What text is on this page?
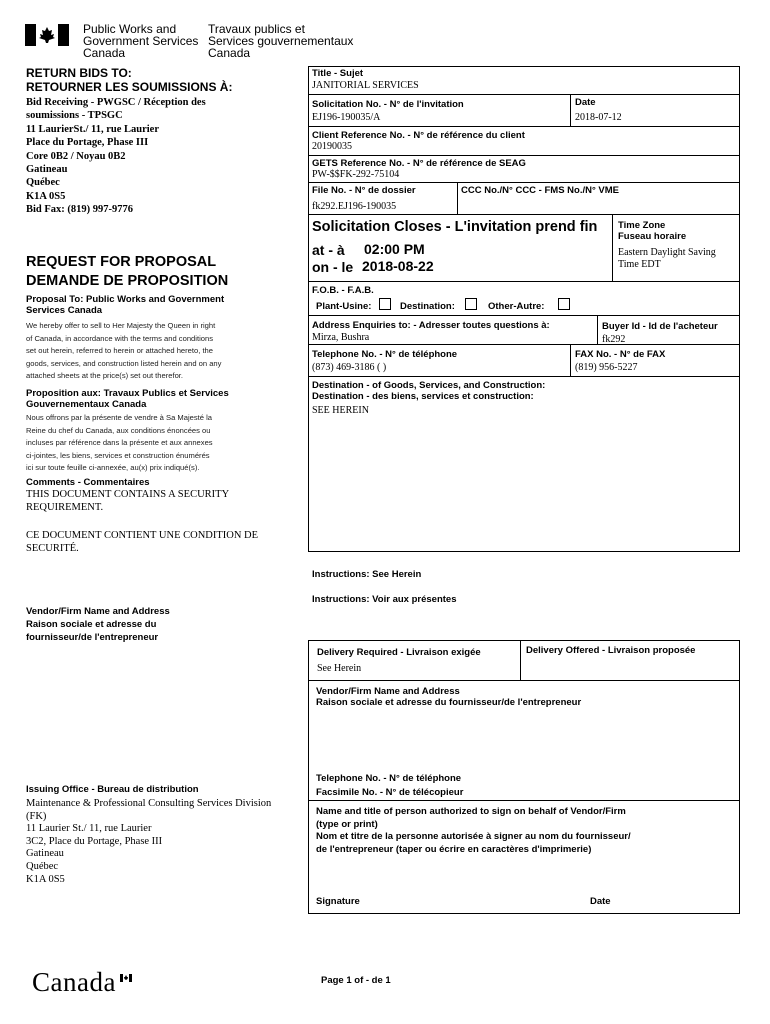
Public Works and
Government Services
Canada
Travaux publics et
Services gouvernementaux
Canada
RETURN BIDS TO:
RETOURNER LES SOUMISSIONS À:
Bid Receiving - PWGSC / Réception des
soumissions - TPSGC
11 LaurierSt./ 11, rue Laurier
Place du Portage, Phase III
Core 0B2 / Noyau 0B2
Gatineau
Québec
K1A 0S5
Bid Fax: (819) 997-9776
REQUEST FOR PROPOSAL
DEMANDE DE PROPOSITION
Proposal To: Public Works and Government
Services Canada
We hereby offer to sell to Her Majesty the Queen in right
of Canada, in accordance with the terms and conditions
set out herein, referred to herein or attached hereto, the
goods, services, and construction listed herein and on any
attached sheets at the price(s) set out therefor.
Proposition aux: Travaux Publics et Services
Gouvernementaux Canada
Nous offrons par la présente de vendre à Sa Majesté la
Reine du chef du Canada, aux conditions énoncées ou
incluses par référence dans la présente et aux annexes
ci-jointes, les biens, services et construction énumérés
ici sur toute feuille ci-annexée, au(x) prix indiqué(s).
Comments - Commentaires
THIS DOCUMENT CONTAINS A SECURITY
REQUIREMENT.
CE DOCUMENT CONTIENT UNE CONDITION DE
SECURITÉ.
Vendor/Firm Name and Address
Raison sociale et adresse du
fournisseur/de l'entrepreneur
Issuing Office - Bureau de distribution
Maintenance & Professional Consulting Services Division
(FK)
11 Laurier St./ 11, rue Laurier
3C2, Place du Portage, Phase III
Gatineau
Québec
K1A 0S5
Title - Sujet
JANITORIAL SERVICES
Solicitation No. - N° de l'invitation
EJ196-190035/A
Date
2018-07-12
Client Reference No. - N° de référence du client
20190035
GETS Reference No. - N° de référence de SEAG
PW-$$FK-292-75104
File No. - N° de dossier
fk292.EJ196-190035
CCC No./N° CCC - FMS No./N° VME
Solicitation Closes - L'invitation prend fin
at - à 02:00 PM
on - le 2018-08-22
Time Zone
Fuseau horaire
Eastern Daylight Saving
Time EDT
F.O.B. - F.A.B.
Plant-Usine:	Destination:	Other-Autre:
Address Enquiries to: - Adresser toutes questions à:
Mirza, Bushra
Buyer Id - Id de l'acheteur
fk292
Telephone No. - N° de téléphone
(873) 469-3186 ( )
FAX No. - N° de FAX
(819) 956-5227
Destination - of Goods, Services, and Construction:
Destination - des biens, services et construction:
SEE HEREIN
Instructions: See Herein
Instructions: Voir aux présentes
Delivery Required - Livraison exigée
See Herein
Delivery Offered - Livraison proposée
Vendor/Firm Name and Address
Raison sociale et adresse du fournisseur/de l'entrepreneur
Telephone No. - N° de téléphone
Facsimile No. - N° de télécopieur
Name and title of person authorized to sign on behalf of Vendor/Firm
(type or print)
Nom et titre de la personne autorisée à signer au nom du fournisseur/
de l'entrepreneur (taper ou écrire en caractères d'imprimerie)
Signature	Date
Canada	Page 1 of - de 1
